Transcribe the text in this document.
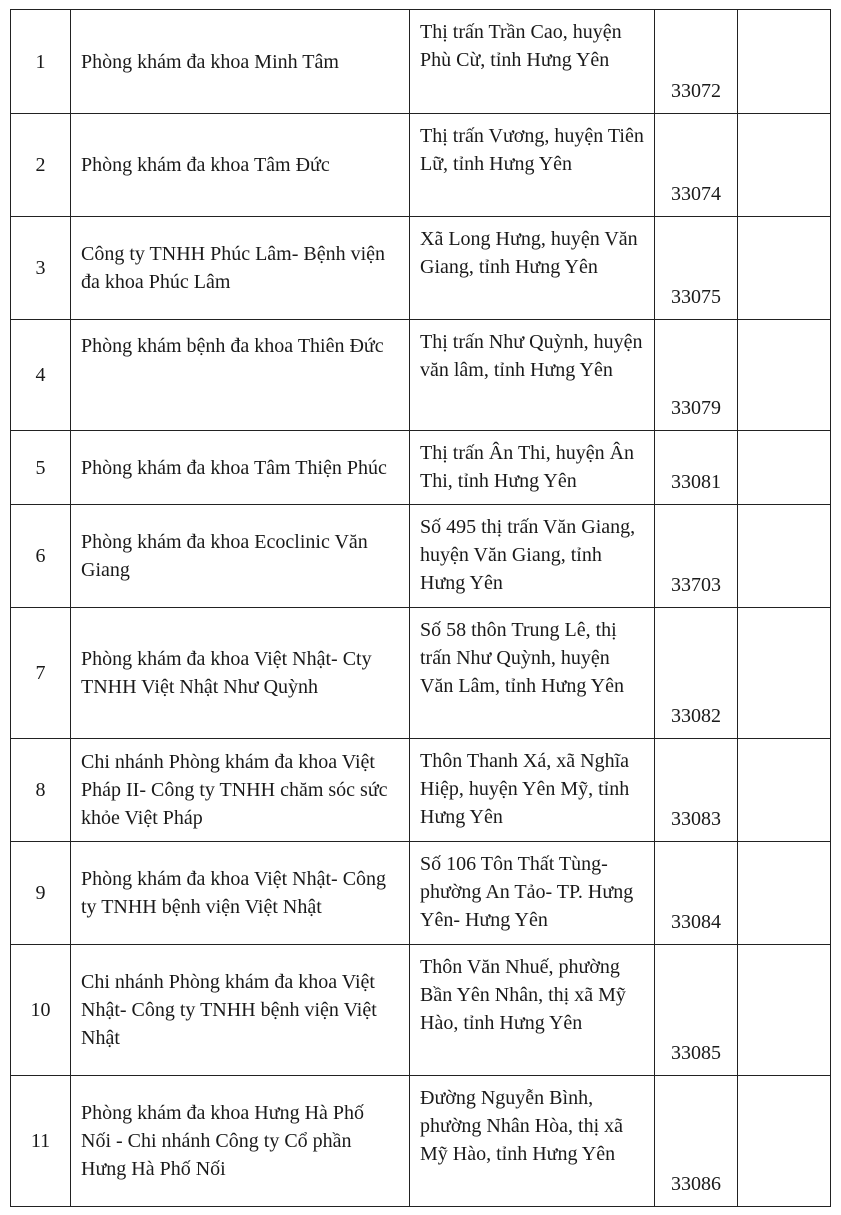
1	Phòng khám đa khoa Minh Tâm	Thị trấn Trần Cao, huyện Phù Cừ, tỉnh Hưng Yên	33072	
2	Phòng khám đa khoa Tâm Đức	Thị trấn Vương, huyện Tiên Lữ, tỉnh Hưng Yên	33074	
3	Công ty TNHH Phúc Lâm- Bệnh viện đa khoa Phúc Lâm	Xã Long Hưng, huyện Văn Giang, tỉnh Hưng Yên	33075	
4	Phòng khám bệnh đa khoa Thiên Đức	Thị trấn Như Quỳnh, huyện văn lâm, tỉnh Hưng Yên	33079	
5	Phòng khám đa khoa Tâm Thiện Phúc	Thị trấn Ân Thi, huyện Ân Thi, tỉnh Hưng Yên	33081	
6	Phòng khám đa khoa Ecoclinic Văn Giang	Số 495 thị trấn Văn Giang, huyện Văn Giang, tỉnh Hưng Yên	33703	
7	Phòng khám đa khoa Việt Nhật- Cty TNHH Việt Nhật Như Quỳnh	Số 58 thôn Trung Lê, thị trấn Như Quỳnh, huyện Văn Lâm, tỉnh Hưng Yên	33082	
8	Chi nhánh Phòng khám đa khoa Việt Pháp II- Công ty TNHH chăm sóc sức khỏe Việt Pháp	Thôn Thanh Xá, xã Nghĩa Hiệp, huyện Yên Mỹ, tỉnh Hưng Yên	33083	
9	Phòng khám đa khoa Việt Nhật- Công ty TNHH bệnh viện Việt Nhật	Số 106 Tôn Thất Tùng- phường An Tảo- TP. Hưng Yên- Hưng Yên	33084	
10	Chi nhánh Phòng khám đa khoa Việt Nhật- Công ty TNHH bệnh viện Việt Nhật	Thôn Văn Nhuế, phường Bần Yên Nhân, thị xã Mỹ Hào, tỉnh Hưng Yên	33085	
11	Phòng khám đa khoa Hưng Hà Phố Nối - Chi nhánh Công ty Cổ phần Hưng Hà Phố Nối	Đường Nguyễn Bình, phường Nhân Hòa, thị xã Mỹ Hào, tỉnh Hưng Yên	33086	
